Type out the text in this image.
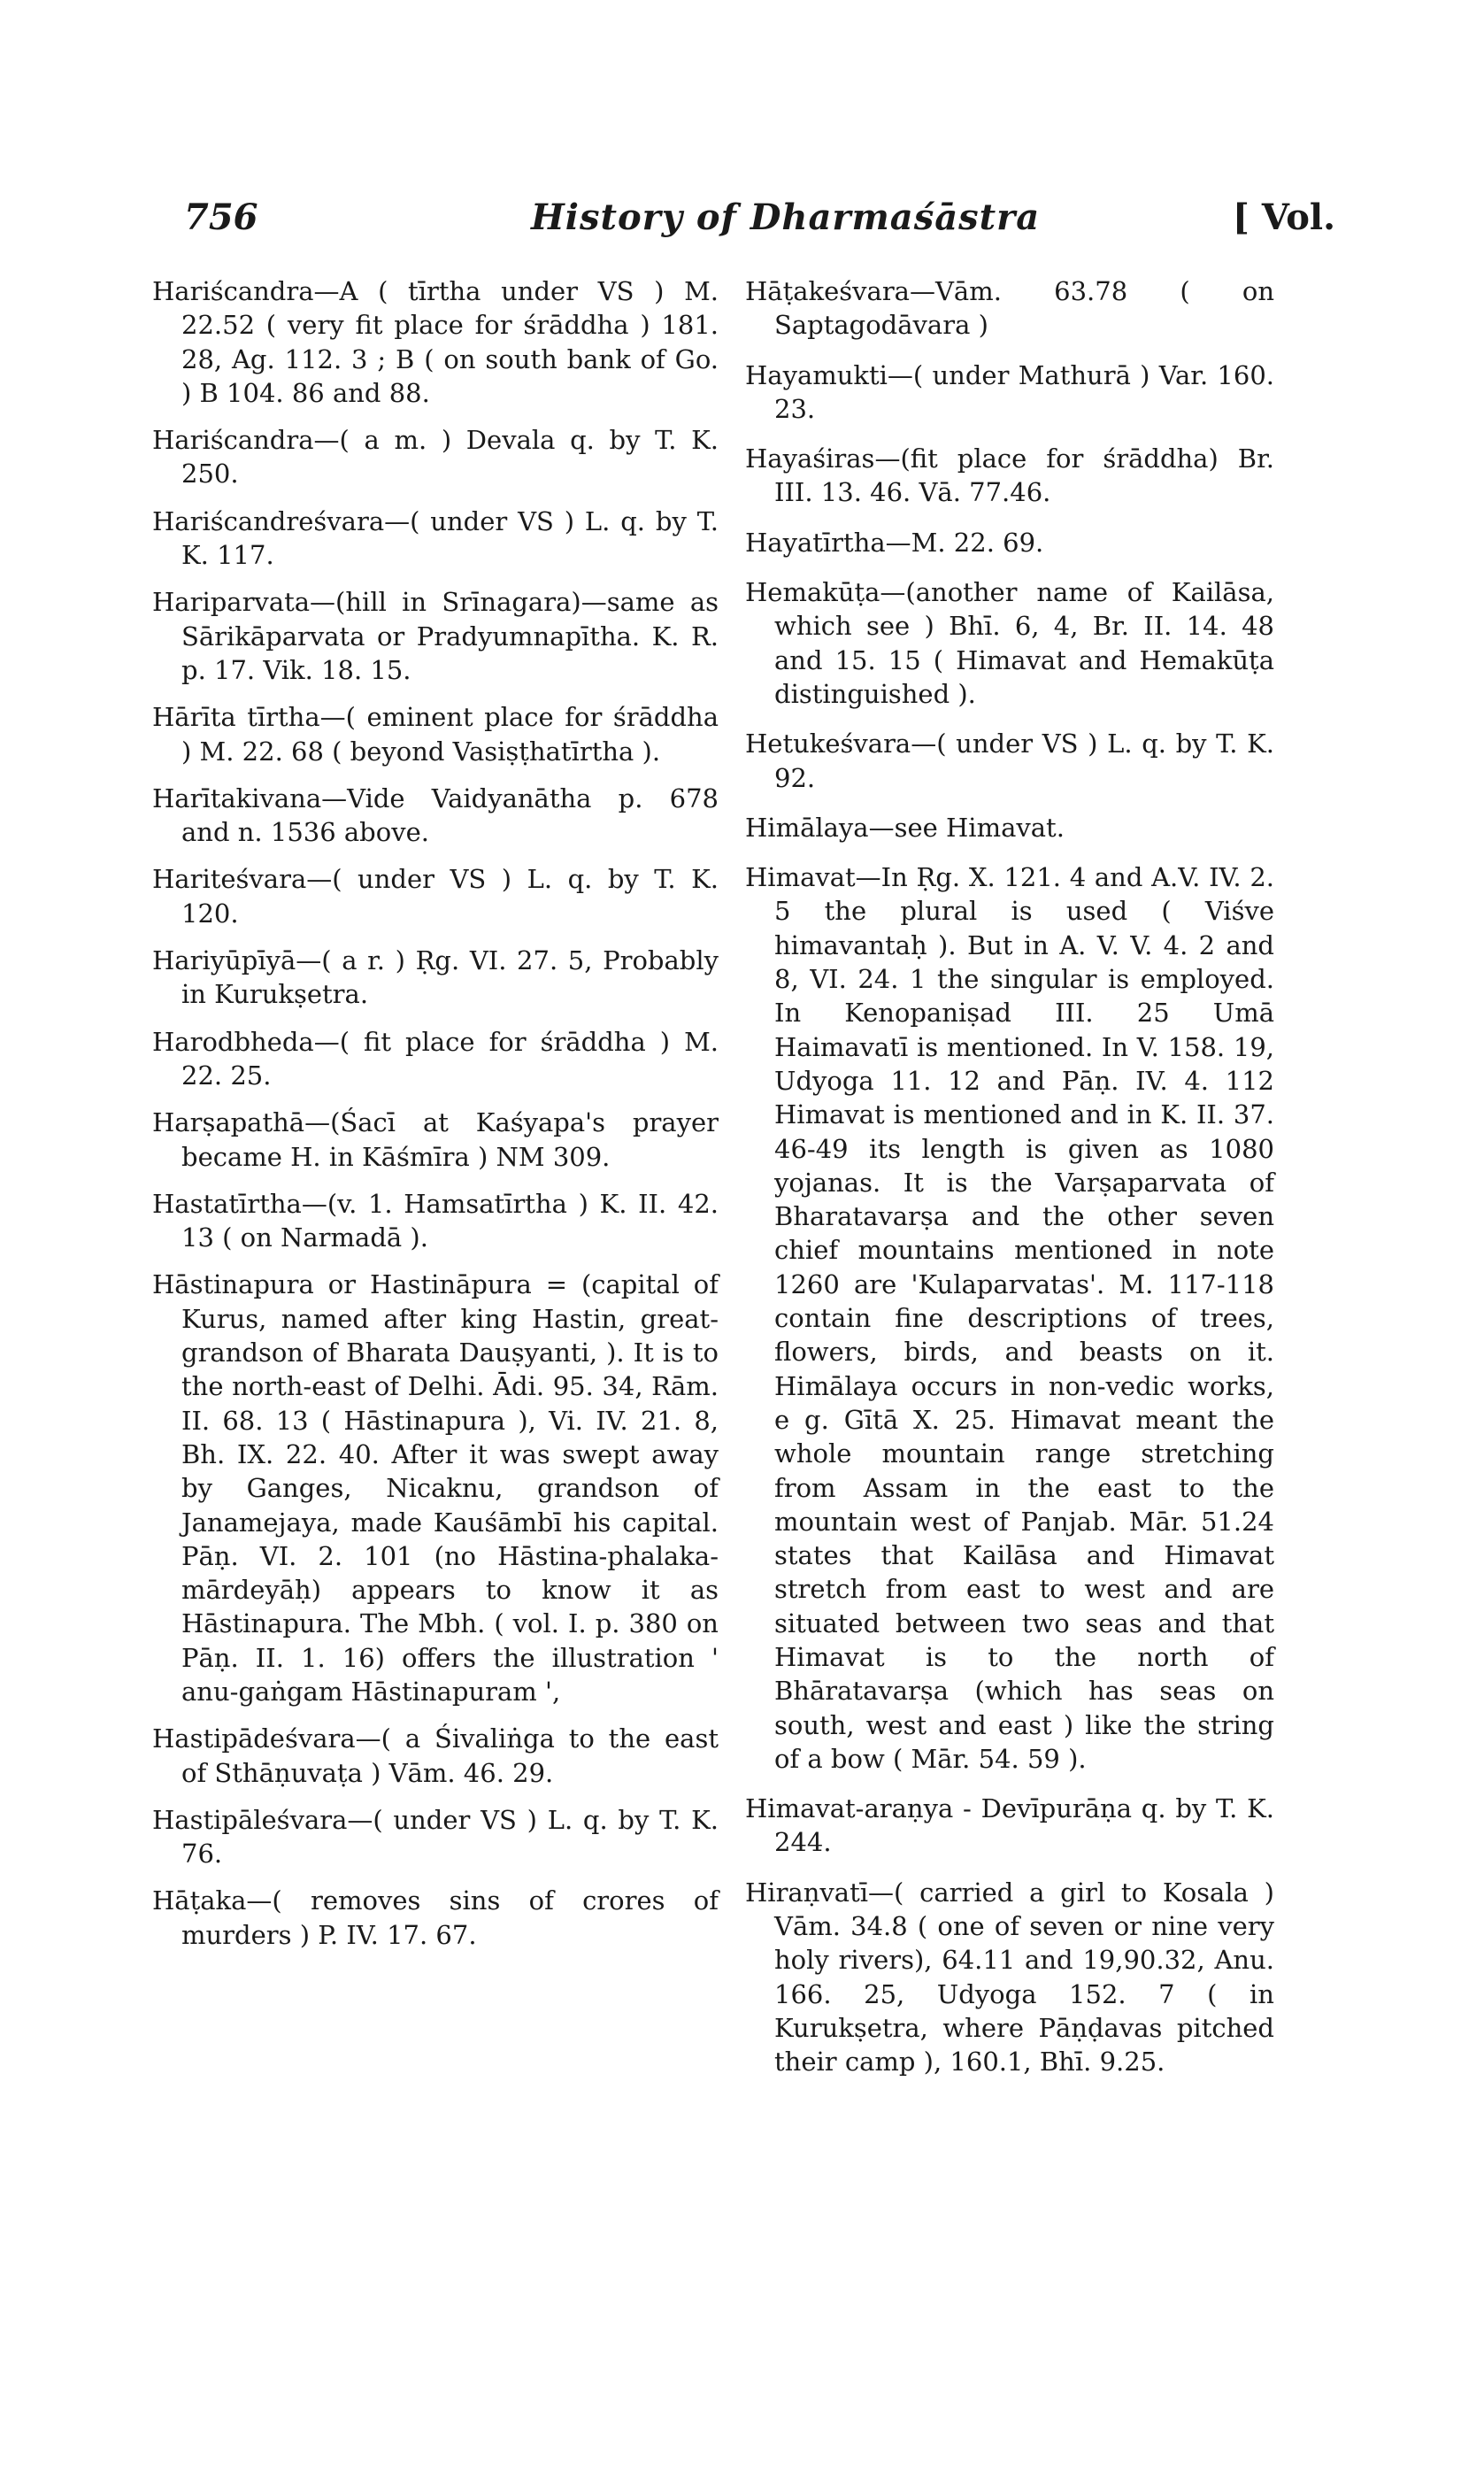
756	History of Dharmaśāstra	[ Vol.

Hariścandra—A ( tīrtha under VS ) M. 22.52 ( very fit place for śrāddha ) 181. 28, Ag. 112. 3 ; B ( on south bank of Go. ) B 104. 86 and 88.

Hariścandra—( a m. ) Devala q. by T. K. 250.

Hariścandreśvara—( under VS ) L. q. by T. K. 117.

Hariparvata—(hill in Srīnagara)—same as Sārikāparvata or Pradyumnapītha. K. R. p. 17. Vik. 18. 15.

Hārīta tīrtha—( eminent place for śrāddha ) M. 22. 68 ( beyond Vasiṣṭhatīrtha ).

Harītakivana—Vide Vaidyanātha p. 678 and n. 1536 above.

Hariteśvara—( under VS ) L. q. by T. K. 120.

Hariyūpīyā—( a r. ) Ṛg. VI. 27. 5, Probably in Kurukṣetra.

Harodbheda—( fit place for śrāddha ) M. 22. 25.

Harṣapathā—(Śacī at Kaśyapa's prayer became H. in Kāśmīra ) NM 309.

Hastatīrtha—(v. 1. Hamsatīrtha ) K. II. 42. 13 ( on Narmadā ).

Hāstinapura or Hastināpura = (capital of Kurus, named after king Hastin, great-grandson of Bharata Dauṣyanti, ). It is to the north-east of Delhi. Ādi. 95. 34, Rām. II. 68. 13 ( Hāstinapura ), Vi. IV. 21. 8, Bh. IX. 22. 40. After it was swept away by Ganges, Nicaknu, grandson of Janamejaya, made Kauśāmbī his capital. Pāṇ. VI. 2. 101 (no Hāstina-phalaka-mārdeyāḥ) appears to know it as Hāstinapura. The Mbh. ( vol. I. p. 380 on Pāṇ. II. 1. 16) offers the illustration ' anu-gaṅgam Hāstinapuram ',

Hastipādeśvara—( a Śivaliṅga to the east of Sthāṇuvaṭa ) Vām. 46. 29.

Hastipāleśvara—( under VS ) L. q. by T. K. 76.

Hāṭaka—( removes sins of crores of murders ) P. IV. 17. 67.

Hāṭakeśvara—Vām. 63.78 ( on Saptagodāvara )

Hayamukti—( under Mathurā ) Var. 160. 23.

Hayaśiras—(fit place for śrāddha) Br. III. 13. 46. Vā. 77.46.

Hayatīrtha—M. 22. 69.

Hemakūṭa—(another name of Kailāsa, which see ) Bhī. 6, 4, Br. II. 14. 48 and 15. 15 ( Himavat and Hemakūṭa distinguished ).

Hetukeśvara—( under VS ) L. q. by T. K. 92.

Himālaya—see Himavat.

Himavat—In Ṛg. X. 121. 4 and A.V. IV. 2. 5 the plural is used ( Viśve himavantaḥ ). But in A. V. V. 4. 2 and 8, VI. 24. 1 the singular is employed. In Kenopaniṣad III. 25 Umā Haimavatī is mentioned. In V. 158. 19, Udyoga 11. 12 and Pāṇ. IV. 4. 112 Himavat is mentioned and in K. II. 37. 46-49 its length is given as 1080 yojanas. It is the Varṣaparvata of Bharatavarṣa and the other seven chief mountains mentioned in note 1260 are 'Kulaparvatas'. M. 117-118 contain fine descriptions of trees, flowers, birds, and beasts on it. Himālaya occurs in non-vedic works, e g. Gītā X. 25. Himavat meant the whole mountain range stretching from Assam in the east to the mountain west of Panjab. Mār. 51.24 states that Kailāsa and Himavat stretch from east to west and are situated between two seas and that Himavat is to the north of Bhāratavarṣa (which has seas on south, west and east ) like the string of a bow ( Mār. 54. 59 ).

Himavat-araṇya - Devīpurāṇa q. by T. K. 244.

Hiraṇvatī—( carried a girl to Kosala ) Vām. 34.8 ( one of seven or nine very holy rivers), 64.11 and 19,90.32, Anu. 166. 25, Udyoga 152. 7 ( in Kurukṣetra, where Pāṇḍavas pitched their camp ), 160.1, Bhī. 9.25.
